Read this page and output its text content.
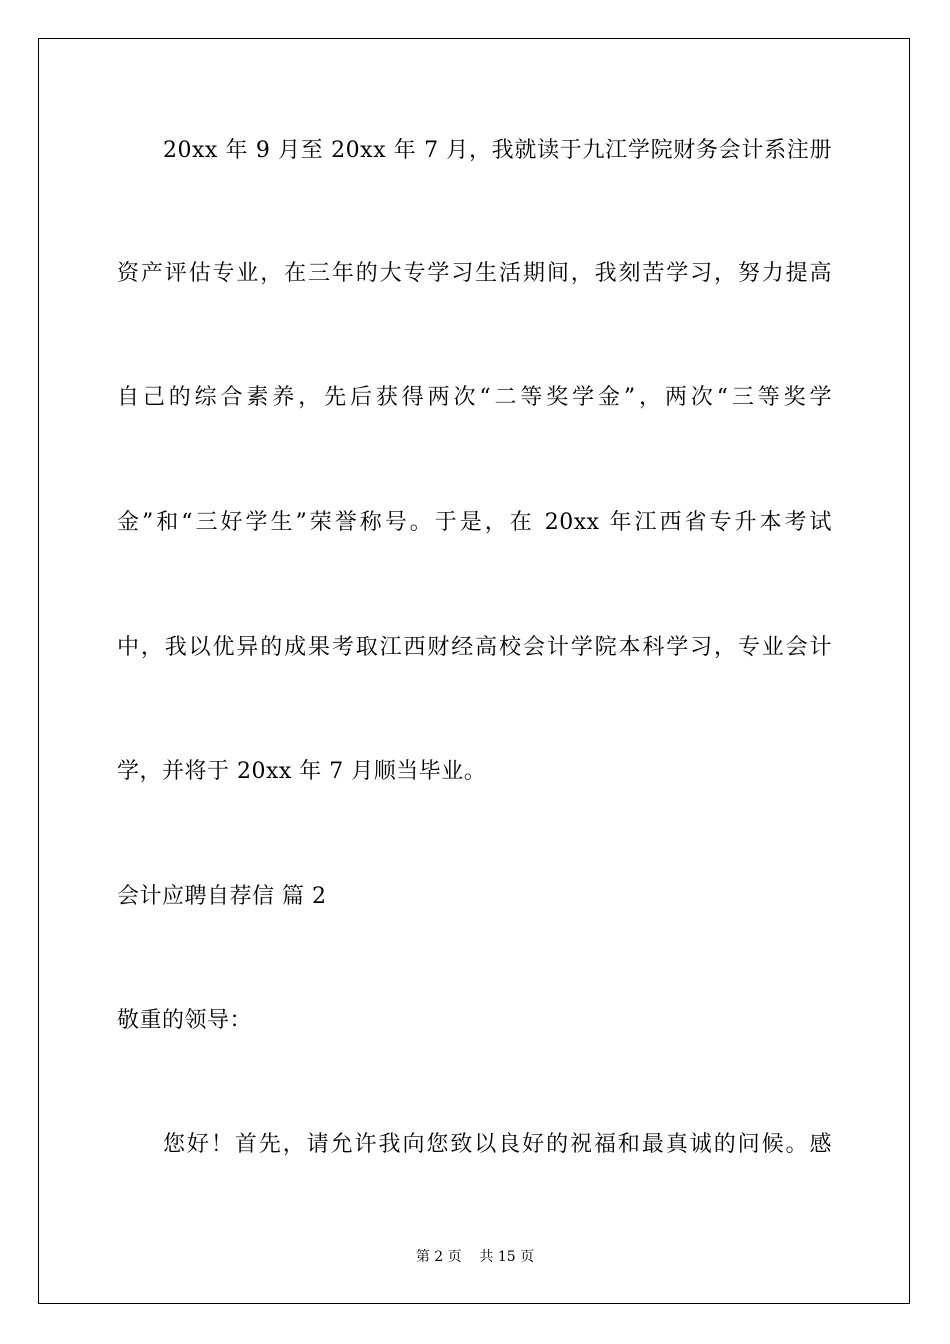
20xx 年 9 月至 20xx 年 7 月，我就读于九江学院财务会计系注册
资产评估专业，在三年的大专学习生活期间，我刻苦学习，努力提高
自己的综合素养，先后获得两次“二等奖学金”，两次“三等奖学
金”和“三好学生”荣誉称号。于是，在 20xx 年江西省专升本考试
中，我以优异的成果考取江西财经高校会计学院本科学习，专业会计
学，并将于 20xx 年 7 月顺当毕业。
会计应聘自荐信 篇 2
敬重的领导：
您好！首先，请允许我向您致以良好的祝福和最真诚的问候。感
第 2 页    共 15 页
